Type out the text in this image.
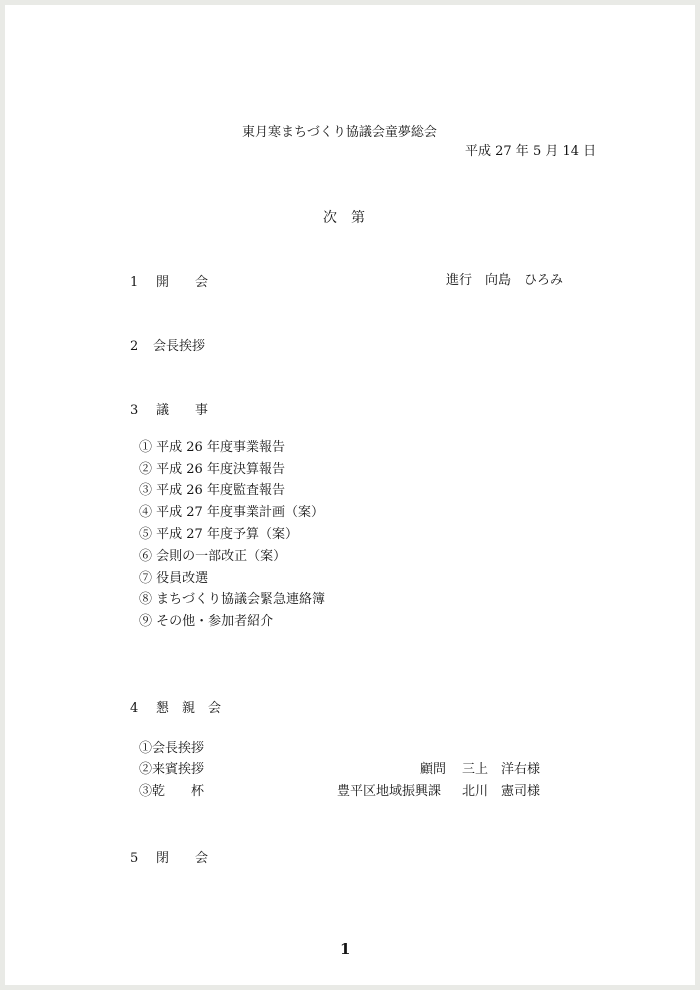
東月寒まちづくり協議会童夢総会
平成 27 年 5 月 14 日
次　第
1 開　　会	進行　向島　ひろみ
2 会長挨拶
3 議　　事
① 平成 26 年度事業報告
② 平成 26 年度決算報告
③ 平成 26 年度監査報告
④ 平成 27 年度事業計画（案）
⑤ 平成 27 年度予算（案）
⑥ 会則の一部改正（案）
⑦ 役員改選
⑧ まちづくり協議会緊急連絡簿
⑨ その他・参加者紹介
4 懇　親　会
①会長挨拶
②来賓挨拶	顧問 三上　洋右様
③乾　　杯	豊平区地域振興課 北川　憲司様
5 閉　　会
1
